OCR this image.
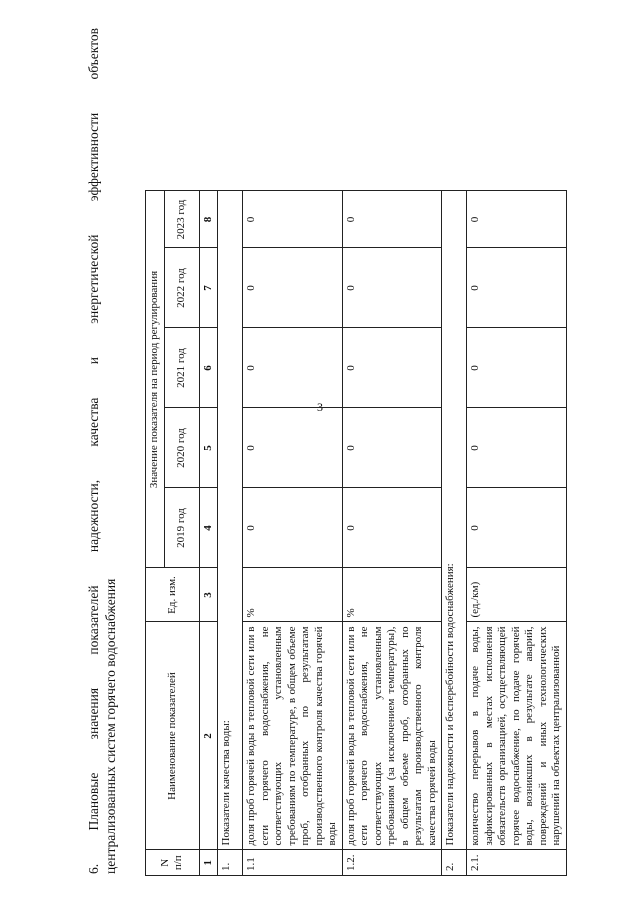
3
6. Плановые значения показателей надежности, качества и энергетической эффективности объектов централизованных систем горячего водоснабжения	N п/п	Наименование показателей	Ед. изм.	Значение показателя на период регулирования				
			2019 год	2020 год	2021 год	2022 год	2023 год
1	2	3	4	5	6	7	8
1.	Показатели качества воды:						
1.1	доля проб горячей воды в тепловой сети или в сети горячего водоснабжения, не соответствующих установленным требованиям по температуре, в общем объеме проб, отобранных по результатам производственного контроля качества горячей воды	%	0	0	0	0	0
1.2.	доля проб горячей воды в тепловой сети или в сети горячего водоснабжения, не соответствующих установленным требованиям (за исключением температуры), в общем объеме проб, отобранных по результатам производственного контроля качества горячей воды	%	0	0	0	0	0
2.	Показатели надежности и бесперебойности водоснабжения:						
2.1.	количество перерывов в подаче воды, зафиксированных в местах исполнения обязательств организацией, осуществляющей горячее водоснабжение, по подаче горячей воды, возникших в результате аварий, повреждений и иных технологических нарушений на объектах централизованной	(ед./км)	0	0	0	0	0
